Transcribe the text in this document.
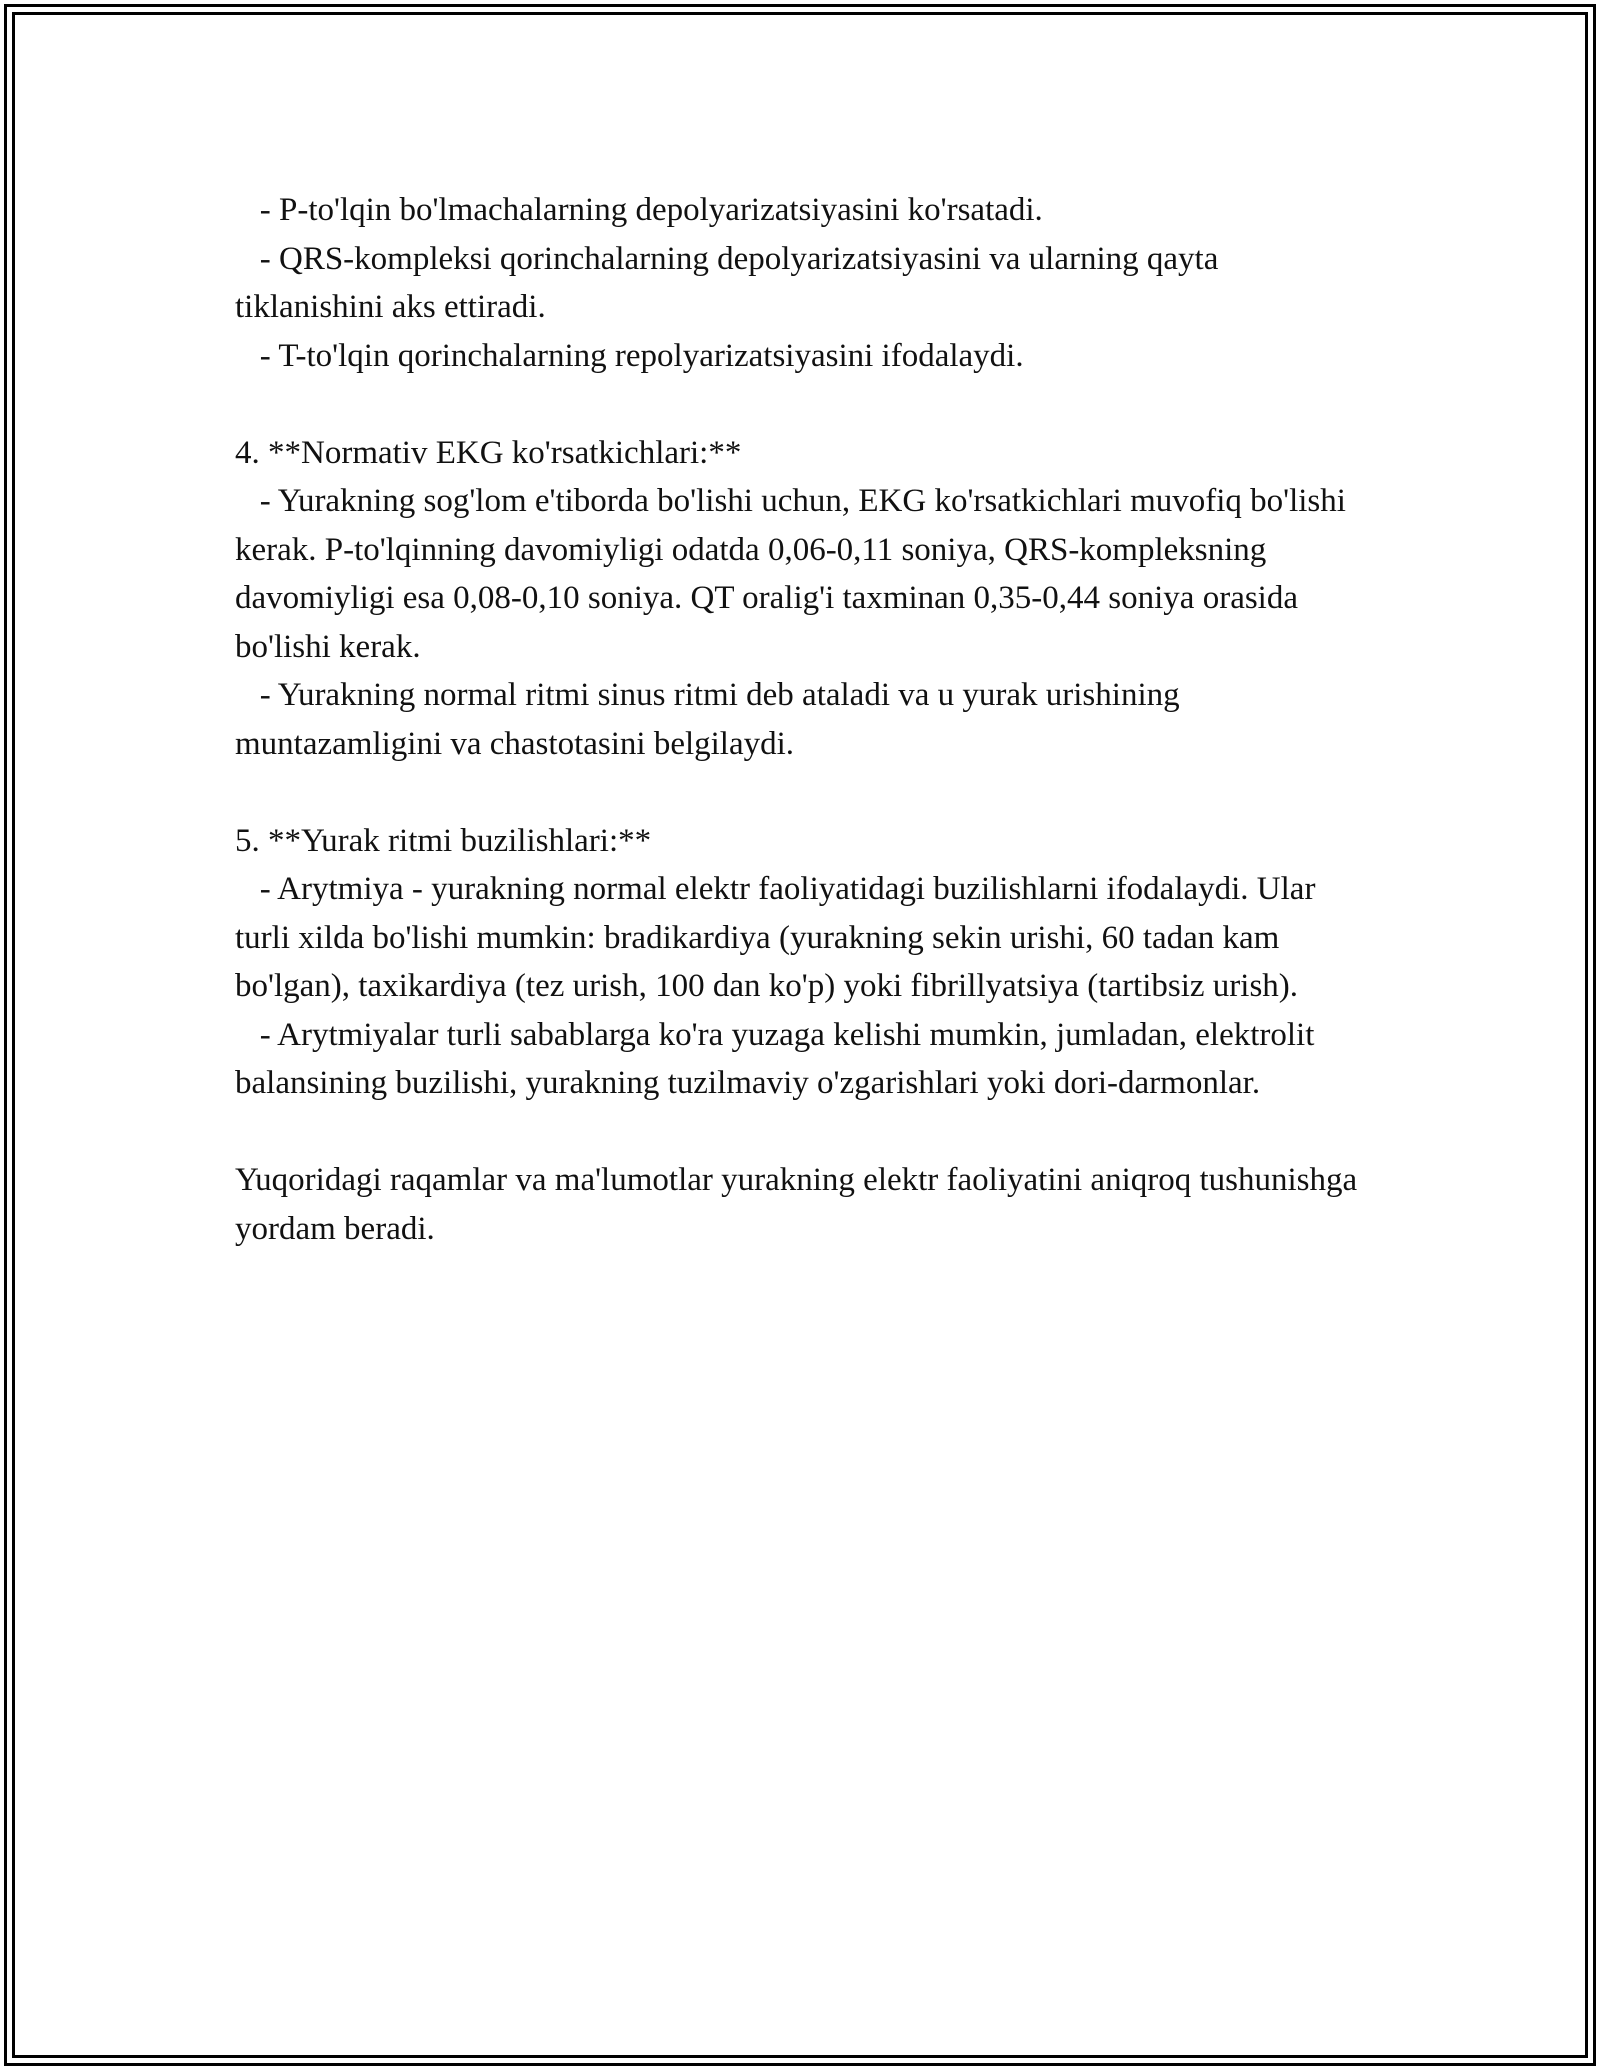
- P-to'lqin bo'lmachalarning depolyarizatsiyasini ko'rsatadi.

- QRS-kompleksi qorinchalarning depolyarizatsiyasini va ularning qayta tiklanishini aks ettiradi.

- T-to'lqin qorinchalarning repolyarizatsiyasini ifodalaydi.

4. **Normativ EKG ko'rsatkichlari:**

- Yurakning sog'lom e'tiborda bo'lishi uchun, EKG ko'rsatkichlari muvofiq bo'lishi kerak. P-to'lqinning davomiyligi odatda 0,06-0,11 soniya, QRS-kompleksning davomiyligi esa 0,08-0,10 soniya. QT oralig'i taxminan 0,35-0,44 soniya orasida bo'lishi kerak.

- Yurakning normal ritmi sinus ritmi deb ataladi va u yurak urishining muntazamligini va chastotasini belgilaydi.

5. **Yurak ritmi buzilishlari:**

- Arytmiya - yurakning normal elektr faoliyatidagi buzilishlarni ifodalaydi. Ular turli xilda bo'lishi mumkin: bradikardiya (yurakning sekin urishi, 60 tadan kam bo'lgan), taxikardiya (tez urish, 100 dan ko'p) yoki fibrillyatsiya (tartibsiz urish).

- Arytmiyalar turli sabablarga ko'ra yuzaga kelishi mumkin, jumladan, elektrolit balansining buzilishi, yurakning tuzilmaviy o'zgarishlari yoki dori-darmonlar.

Yuqoridagi raqamlar va ma'lumotlar yurakning elektr faoliyatini aniqroq tushunishga yordam beradi.
